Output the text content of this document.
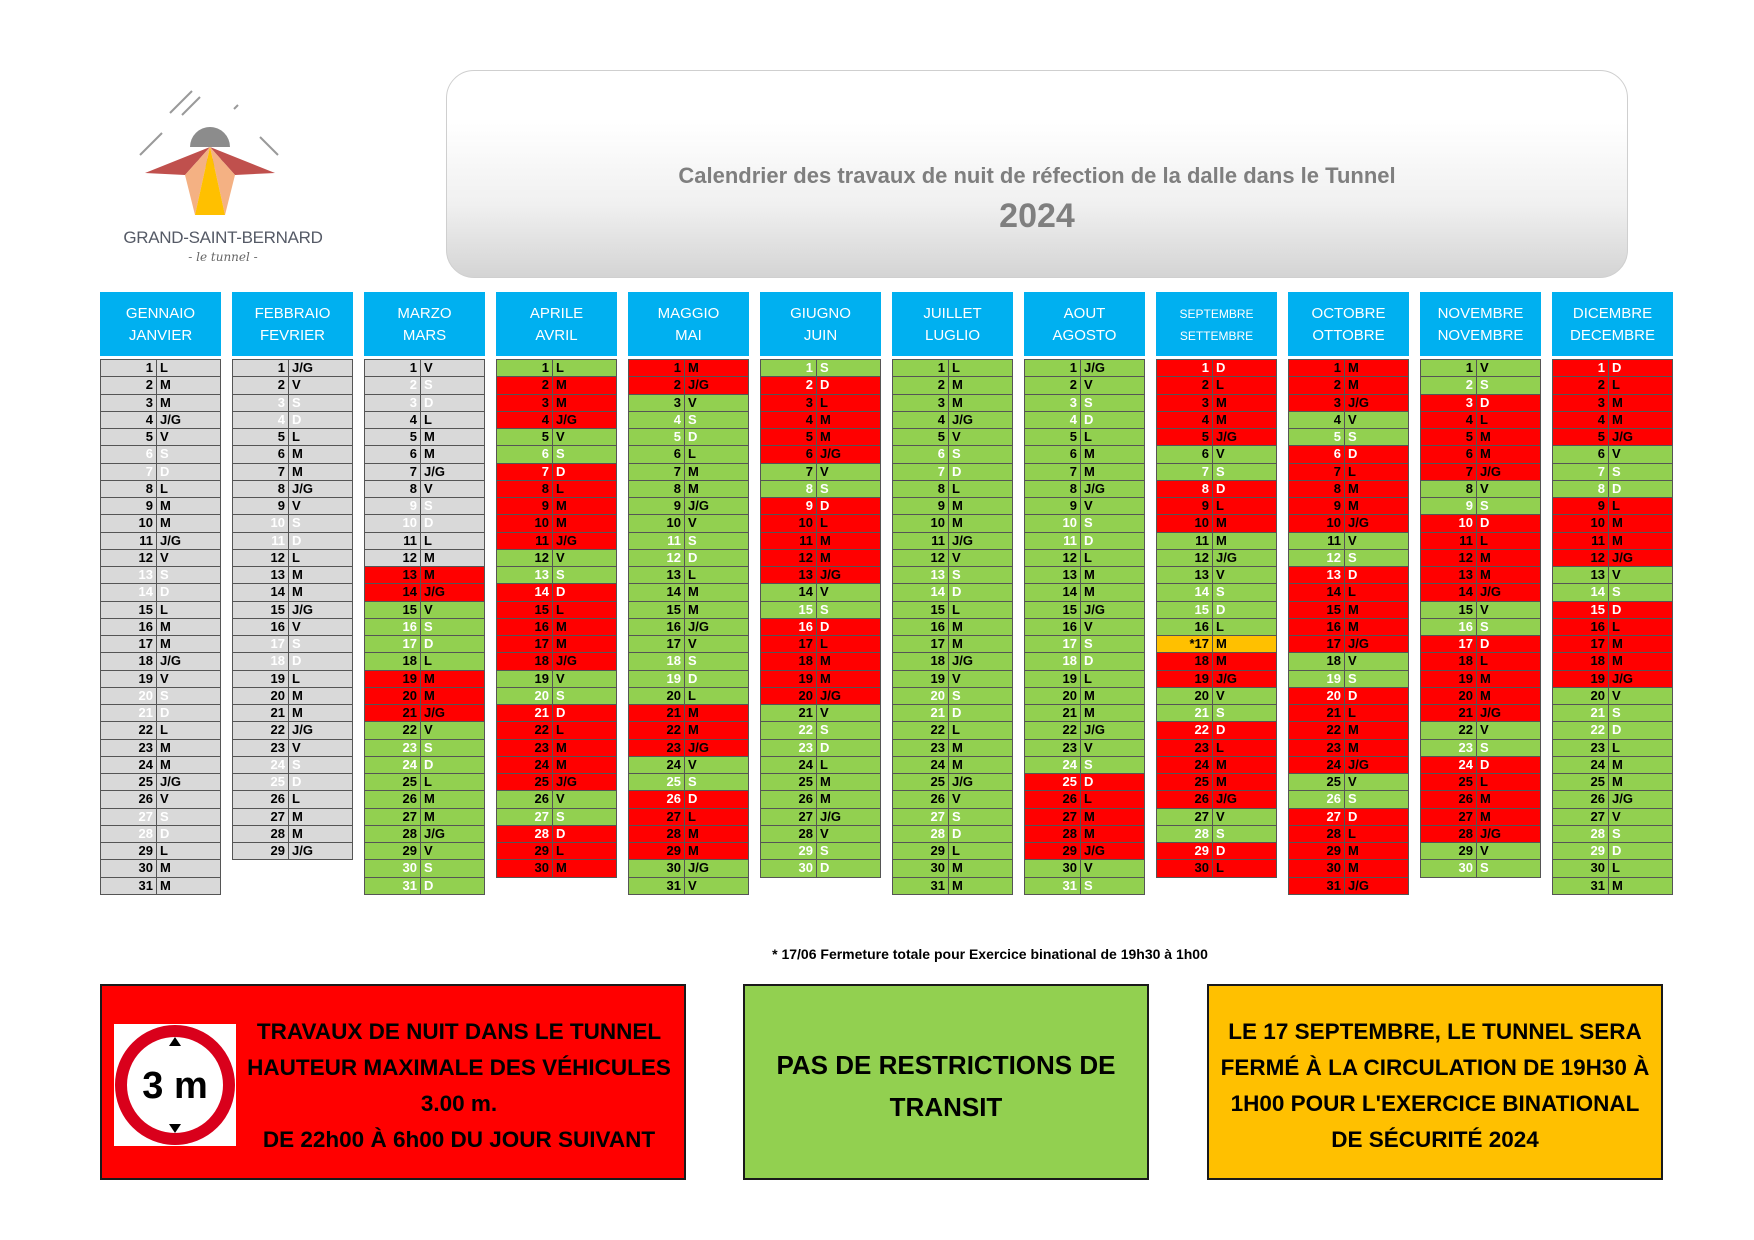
GRAND-SAINT-BERNARD
- le tunnel -
Calendrier des travaux de nuit de réfection de la dalle dans le Tunnel
2024
GENNAIO
JANVIER
1 L
2 M
3 M
4 J/G
5 V
6 S
7 D
8 L
9 M
10 M
11 J/G
12 V
13 S
14 D
15 L
16 M
17 M
18 J/G
19 V
20 S
21 D
22 L
23 M
24 M
25 J/G
26 V
27 S
28 D
29 L
30 M
31 M
FEBBRAIO
FEVRIER
1 J/G
2 V
3 S
4 D
5 L
6 M
7 M
8 J/G
9 V
10 S
11 D
12 L
13 M
14 M
15 J/G
16 V
17 S
18 D
19 L
20 M
21 M
22 J/G
23 V
24 S
25 D
26 L
27 M
28 M
29 J/G
MARZO
MARS
1 V
2 S
3 D
4 L
5 M
6 M
7 J/G
8 V
9 S
10 D
11 L
12 M
13 M
14 J/G
15 V
16 S
17 D
18 L
19 M
20 M
21 J/G
22 V
23 S
24 D
25 L
26 M
27 M
28 J/G
29 V
30 S
31 D
APRILE
AVRIL
1 L
2 M
3 M
4 J/G
5 V
6 S
7 D
8 L
9 M
10 M
11 J/G
12 V
13 S
14 D
15 L
16 M
17 M
18 J/G
19 V
20 S
21 D
22 L
23 M
24 M
25 J/G
26 V
27 S
28 D
29 L
30 M
MAGGIO
MAI
1 M
2 J/G
3 V
4 S
5 D
6 L
7 M
8 M
9 J/G
10 V
11 S
12 D
13 L
14 M
15 M
16 J/G
17 V
18 S
19 D
20 L
21 M
22 M
23 J/G
24 V
25 S
26 D
27 L
28 M
29 M
30 J/G
31 V
GIUGNO
JUIN
1 S
2 D
3 L
4 M
5 M
6 J/G
7 V
8 S
9 D
10 L
11 M
12 M
13 J/G
14 V
15 S
16 D
17 L
18 M
19 M
20 J/G
21 V
22 S
23 D
24 L
25 M
26 M
27 J/G
28 V
29 S
30 D
JUILLET
LUGLIO
1 L
2 M
3 M
4 J/G
5 V
6 S
7 D
8 L
9 M
10 M
11 J/G
12 V
13 S
14 D
15 L
16 M
17 M
18 J/G
19 V
20 S
21 D
22 L
23 M
24 M
25 J/G
26 V
27 S
28 D
29 L
30 M
31 M
AOUT
AGOSTO
1 J/G
2 V
3 S
4 D
5 L
6 M
7 M
8 J/G
9 V
10 S
11 D
12 L
13 M
14 M
15 J/G
16 V
17 S
18 D
19 L
20 M
21 M
22 J/G
23 V
24 S
25 D
26 L
27 M
28 M
29 J/G
30 V
31 S
SEPTEMBRE
SETTEMBRE
1 D
2 L
3 M
4 M
5 J/G
6 V
7 S
8 D
9 L
10 M
11 M
12 J/G
13 V
14 S
15 D
16 L
*17 M
18 M
19 J/G
20 V
21 S
22 D
23 L
24 M
25 M
26 J/G
27 V
28 S
29 D
30 L
OCTOBRE
OTTOBRE
1 M
2 M
3 J/G
4 V
5 S
6 D
7 L
8 M
9 M
10 J/G
11 V
12 S
13 D
14 L
15 M
16 M
17 J/G
18 V
19 S
20 D
21 L
22 M
23 M
24 J/G
25 V
26 S
27 D
28 L
29 M
30 M
31 J/G
NOVEMBRE
NOVEMBRE
1 V
2 S
3 D
4 L
5 M
6 M
7 J/G
8 V
9 S
10 D
11 L
12 M
13 M
14 J/G
15 V
16 S
17 D
18 L
19 M
20 M
21 J/G
22 V
23 S
24 D
25 L
26 M
27 M
28 J/G
29 V
30 S
DICEMBRE
DECEMBRE
1 D
2 L
3 M
4 M
5 J/G
6 V
7 S
8 D
9 L
10 M
11 M
12 J/G
13 V
14 S
15 D
16 L
17 M
18 M
19 J/G
20 V
21 S
22 D
23 L
24 M
25 M
26 J/G
27 V
28 S
29 D
30 L
31 M
* 17/06 Fermeture totale pour Exercice binational de 19h30 à 1h00
3 m
TRAVAUX DE NUIT DANS LE TUNNEL
HAUTEUR MAXIMALE DES VÉHICULES
3.00 m.
DE 22h00 À 6h00 DU JOUR SUIVANT
PAS DE RESTRICTIONS DE
TRANSIT
LE 17 SEPTEMBRE, LE TUNNEL SERA
FERMÉ À LA CIRCULATION DE 19H30 À
1H00 POUR L'EXERCICE BINATIONAL
DE SÉCURITÉ 2024
